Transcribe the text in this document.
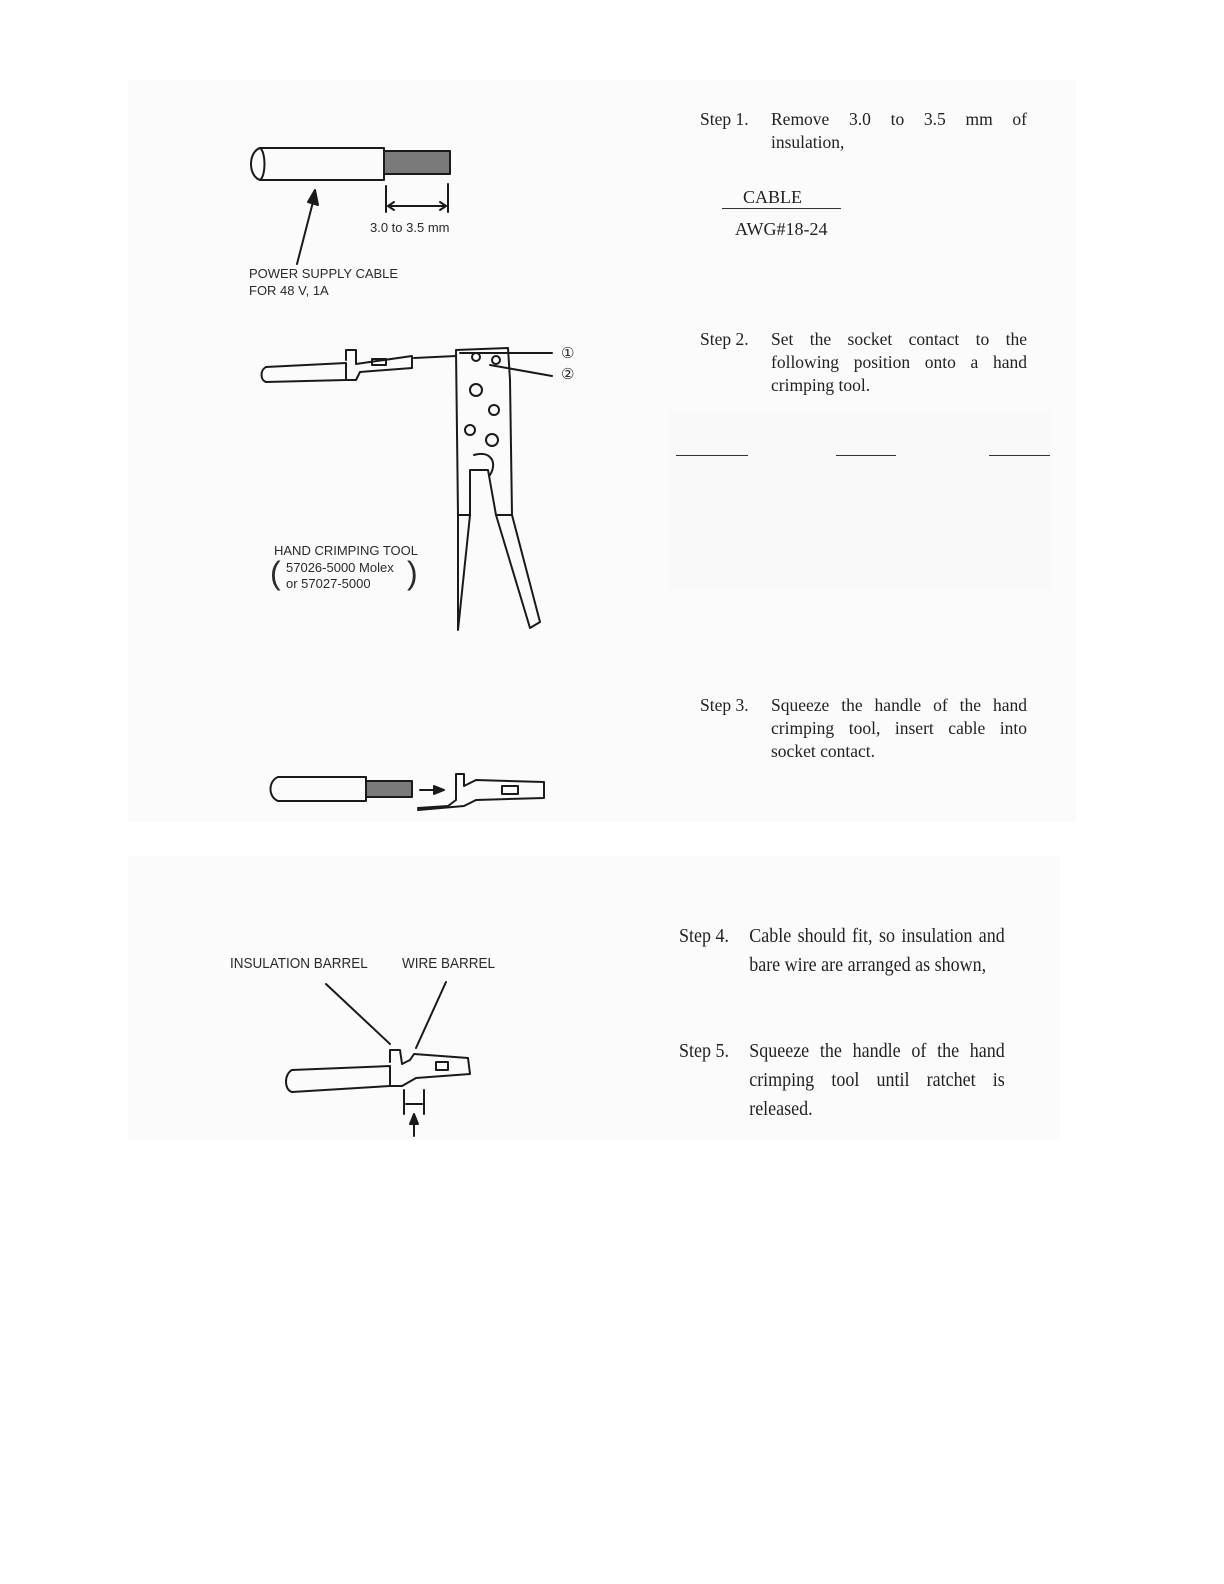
Step 1. Remove 3.0 to 3.5 mm of insulation,
CABLE
AWG#18-24
Step 2. Set the socket contact to the following position onto a hand crimping tool.
Step 3. Squeeze the handle of the hand crimping tool, insert cable into socket contact.
Step 4. Cable should fit, so insulation and bare wire are arranged as shown,
Step 5. Squeeze the handle of the hand crimping tool until ratchet is released.
3.0 to 3.5 mm
POWER SUPPLY CABLE
FOR 48 V, 1A
①
②
HAND CRIMPING TOOL
( 57026-5000 Molex
or 57027-5000 )
INSULATION BARREL WIRE BARREL
